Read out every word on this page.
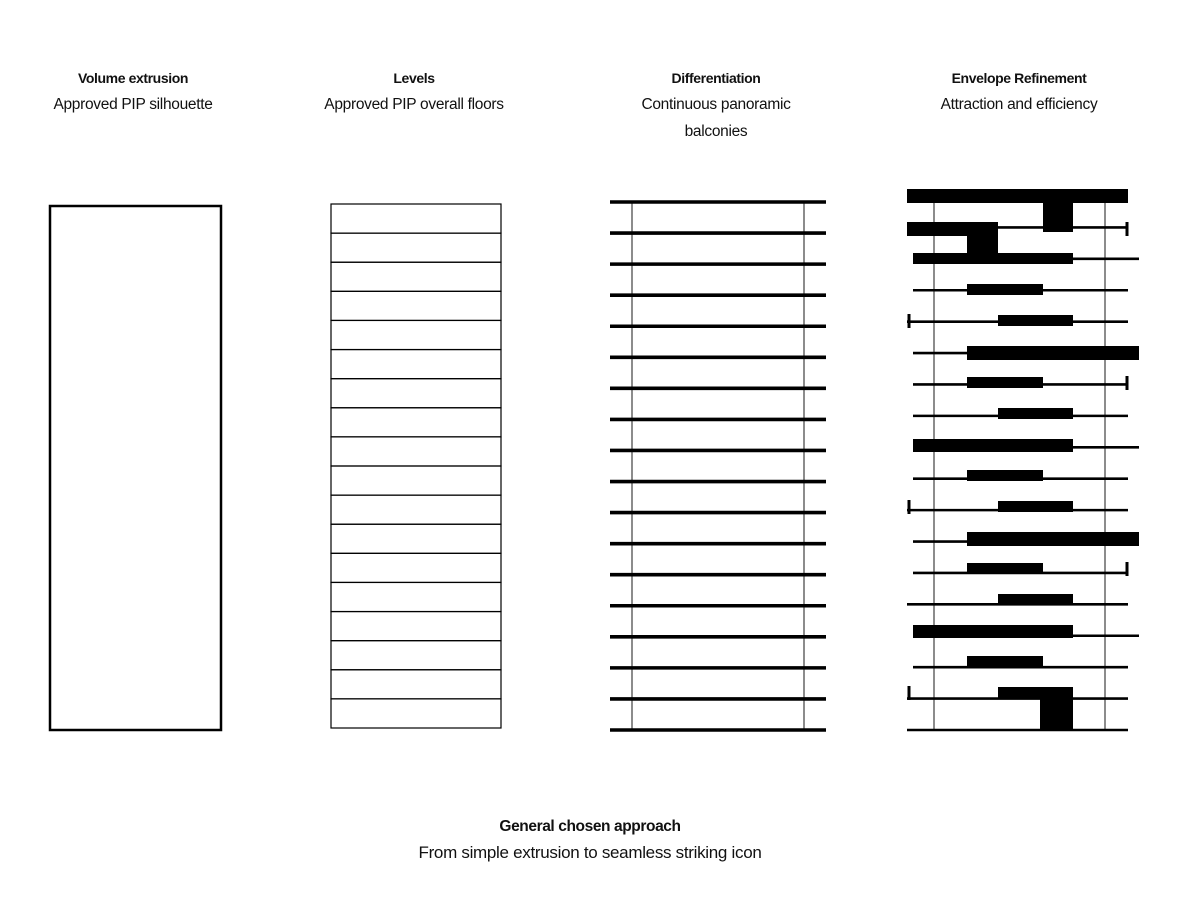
Volume extrusion
Approved PIP silhouette
Levels
Approved PIP overall floors
Differentiation
Continuous panoramic balconies
Envelope Refinement
Attraction and efficiency
General chosen approach
From simple extrusion to seamless striking icon
